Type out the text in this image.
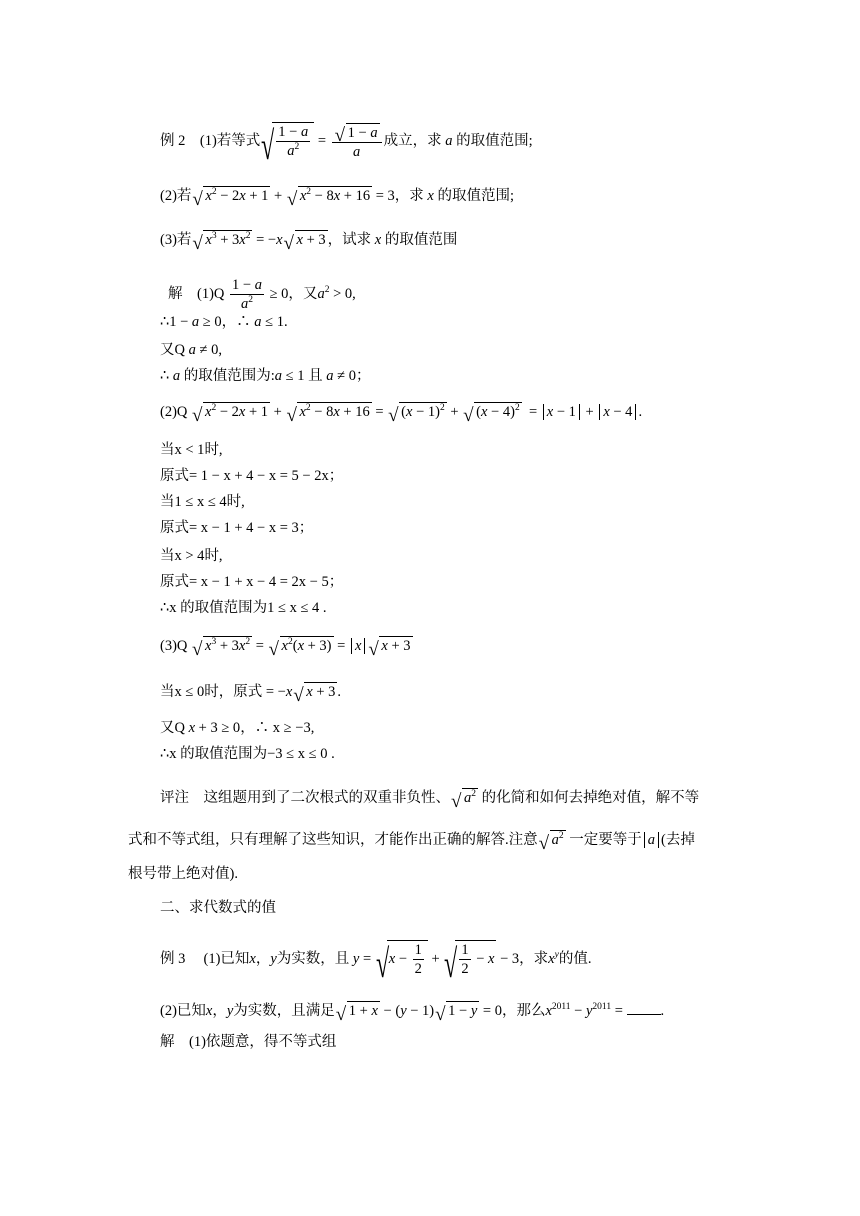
例 2 (1)若等式 √ $\frac{1 - a}{a^2} = \frac{√ 1 - a}{a}$ 成立，求 a 的取值范围;
(2)若 √ $x^2 - 2x + 1$ + √ $x^2 - 8x + 16 = 3$，求 x 的取值范围;
(3)若 √ $x^3 + 3x^2 = -x$ √ x + 3 ，试求 x 的取值范围
解 $(1)Q \frac{1 - a}{a^2} \ge 0$，又$a^2 > 0$,
∴1 − a ≥ 0，∴ a ≤ 1.
又Q a ≠ 0,
∴ a 的取值范围为:a ≤ 1 且 a ≠ 0；
(2)Q √ $x^2 - 2x + 1$ + √ $x^2 - 8x + 16$ = √ $(x - 1)^2$ + √ $(x - 4)^2 = x - 1 + x - 4$ .
当x < 1时,
原式= 1 − x + 4 − x = 5 − 2x；
当1 ≤ x ≤ 4时,
原式= x − 1 + 4 − x = 3；
当x > 4时,
原式= x − 1 + x − 4 = 2x − 5；
∴x 的取值范围为1 ≤ x ≤ 4 .
(3)Q √ $x^3 + 3x^2$ = √ $x^2(x + 3) = x$ √ x + 3
当x ≤ 0时，原式 = −x √ x + 3 .
又Q x + 3 ≥ 0，∴ x ≥ −3,
∴x 的取值范围为−3 ≤ x ≤ 0 .
评注 这组题用到了二次根式的双重非负性、 √ $a^2$ 的化简和如何去掉绝对值，解不等
式和不等式组，只有理解了这些知识，才能作出正确的解答.注意 √ $a^2$ 一定要等于 a (去掉
根号带上绝对值).
二、求代数式的值
例 3 (1)已知x，y为实数，且 y = √ $x - \frac{1}{2}$ + √ $\frac{1}{2} - x - 3$，求$x^y$的值.
(2)已知x，y为实数，且满足 √ 1 + x − (y − 1) √ 1 − y = 0，那么$x^{2011} - y^{2011}$ = .
解 (1)依题意，得不等式组
